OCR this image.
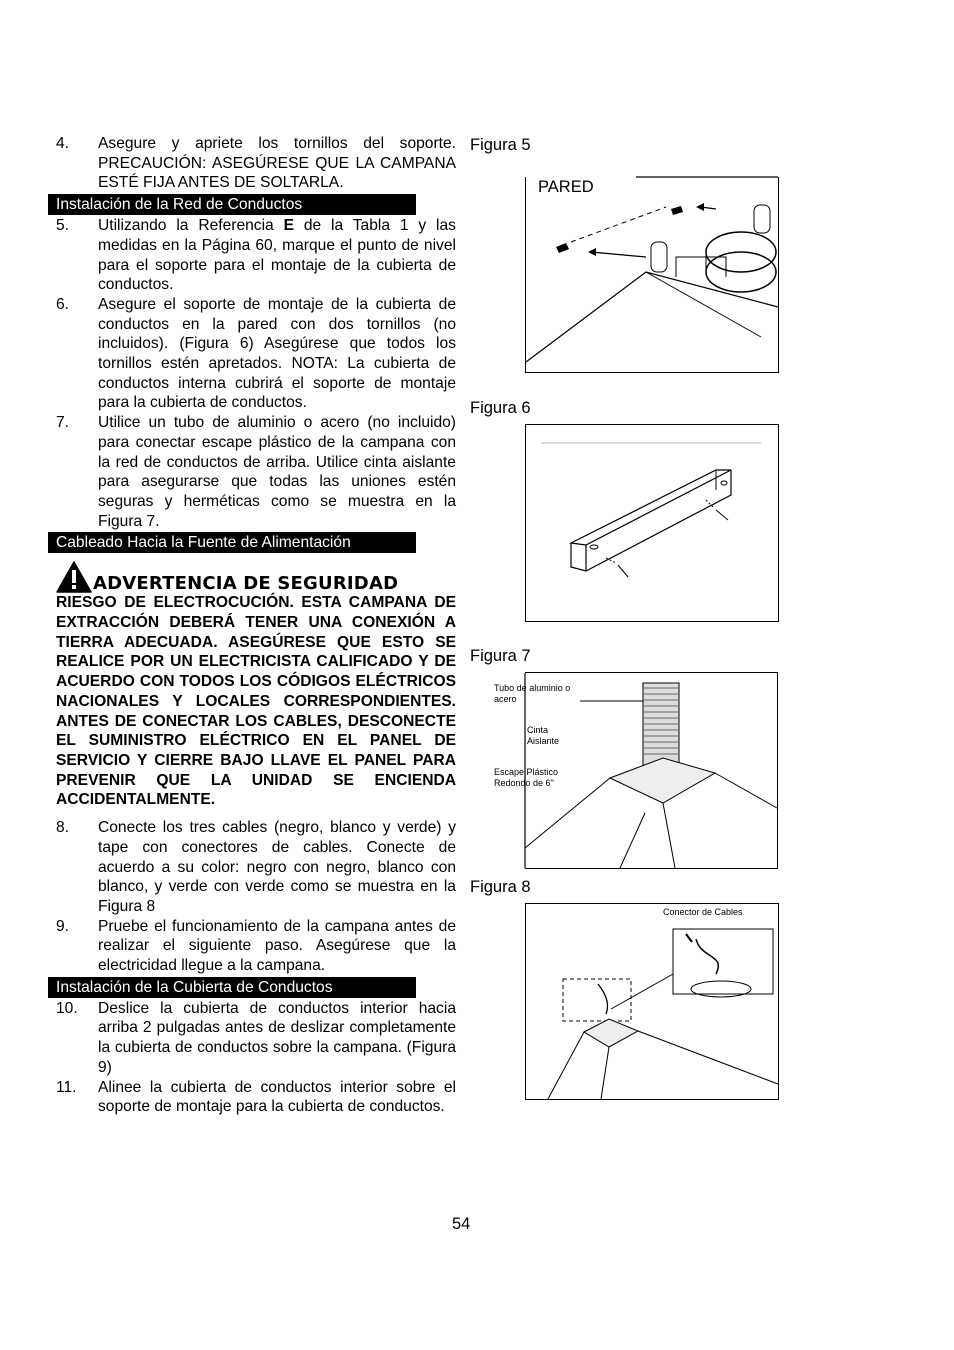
4. Asegure y apriete los tornillos del soporte. PRECAUCIÓN: ASEGÚRESE QUE LA CAMPANA ESTÉ FIJA ANTES DE SOLTARLA.
Instalación de la Red de Conductos
5. Utilizando la Referencia E de la Tabla 1 y las medidas en la Página 60, marque el punto de nivel para el soporte para el montaje de la cubierta de conductos.
6. Asegure el soporte de montaje de la cubierta de conductos en la pared con dos tornillos (no incluidos). (Figura 6) Asegúrese que todos los tornillos estén apretados. NOTA: La cubierta de conductos interna cubrirá el soporte de montaje para la cubierta de conductos.
7. Utilice un tubo de aluminio o acero (no incluido) para conectar escape plástico de la campana con la red de conductos de arriba. Utilice cinta aislante para asegurarse que todas las uniones estén seguras y herméticas como se muestra en la Figura 7.
Cableado Hacia la Fuente de Alimentación
ADVERTENCIA DE SEGURIDAD
RIESGO DE ELECTROCUCIÓN. ESTA CAMPANA DE EXTRACCIÓN DEBERÁ TENER UNA CONEXIÓN A TIERRA ADECUADA. ASEGÚRESE QUE ESTO SE REALICE POR UN ELECTRICISTA CALIFICADO Y DE ACUERDO CON TODOS LOS CÓDIGOS ELÉCTRICOS NACIONALES Y LOCALES CORRESPONDIENTES. ANTES DE CONECTAR LOS CABLES, DESCONECTE EL SUMINISTRO ELÉCTRICO EN EL PANEL DE SERVICIO Y CIERRE BAJO LLAVE EL PANEL PARA PREVENIR QUE LA UNIDAD SE ENCIENDA ACCIDENTALMENTE.
8. Conecte los tres cables (negro, blanco y verde) y tape con conectores de cables. Conecte de acuerdo a su color: negro con negro, blanco con blanco, y verde con verde como se muestra en la Figura 8
9. Pruebe el funcionamiento de la campana antes de realizar el siguiente paso. Asegúrese que la electricidad llegue a la campana.
Instalación de la Cubierta de Conductos
10. Deslice la cubierta de conductos interior hacia arriba 2 pulgadas antes de deslizar completamente la cubierta de conductos sobre la campana. (Figura 9)
11. Alinee la cubierta de conductos interior sobre el soporte de montaje para la cubierta de conductos.
Figura 5
PARED
Figura 6
Figura 7
Tubo de aluminio o acero
Cinta Aislante
Escape Plástico Redondo de 6"
Figura 8
Conector de Cables
54
